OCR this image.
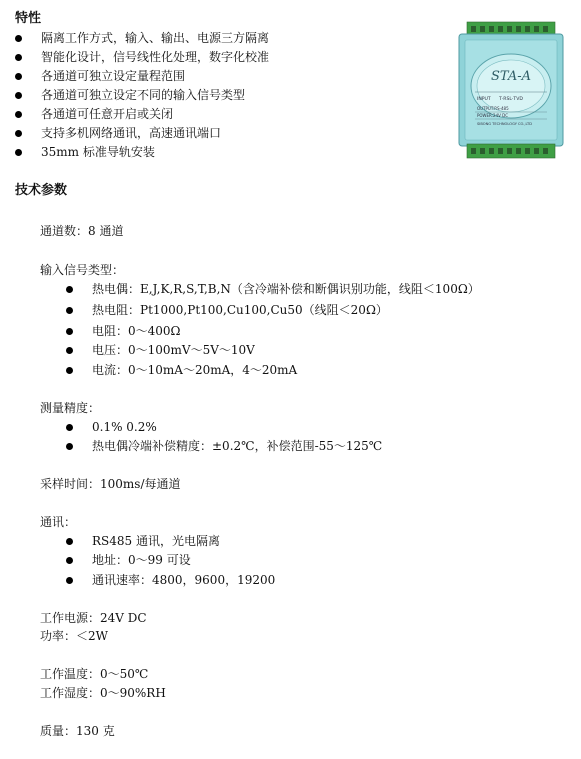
特性
隔离工作方式，输入、输出、电源三方隔离
智能化设计，信号线性化处理，数字化校准
各通道可独立设定量程范围
各通道可独立设定不同的输入信号类型
各通道可任意开启或关闭
支持多机网络通讯，高速通讯端口
35mm 标准导轨安装
STA-A
INPUT T·RSL·TVD
OUTPUT:RS-485
POWER:24V DC
SIBONG TECHNOLOGY CO.,LTD
技术参数
通道数：8 通道
输入信号类型：
热电偶：E,J,K,R,S,T,B,N（含冷端补偿和断偶识别功能，线阻＜100Ω）
热电阻：Pt1000,Pt100,Cu100,Cu50（线阻＜20Ω）
电阻：0～400Ω
电压：0～100mV～5V～10V
电流：0～10mA～20mA，4～20mA
测量精度：
0.1% 0.2%
热电偶冷端补偿精度：±0.2℃，补偿范围-55～125℃
采样时间：100ms/每通道
通讯：
RS485 通讯，光电隔离
地址：0～99 可设
通讯速率：4800，9600，19200
工作电源：24V DC
功率：＜2W
工作温度：0～50℃
工作湿度：0～90%RH
质量：130 克
